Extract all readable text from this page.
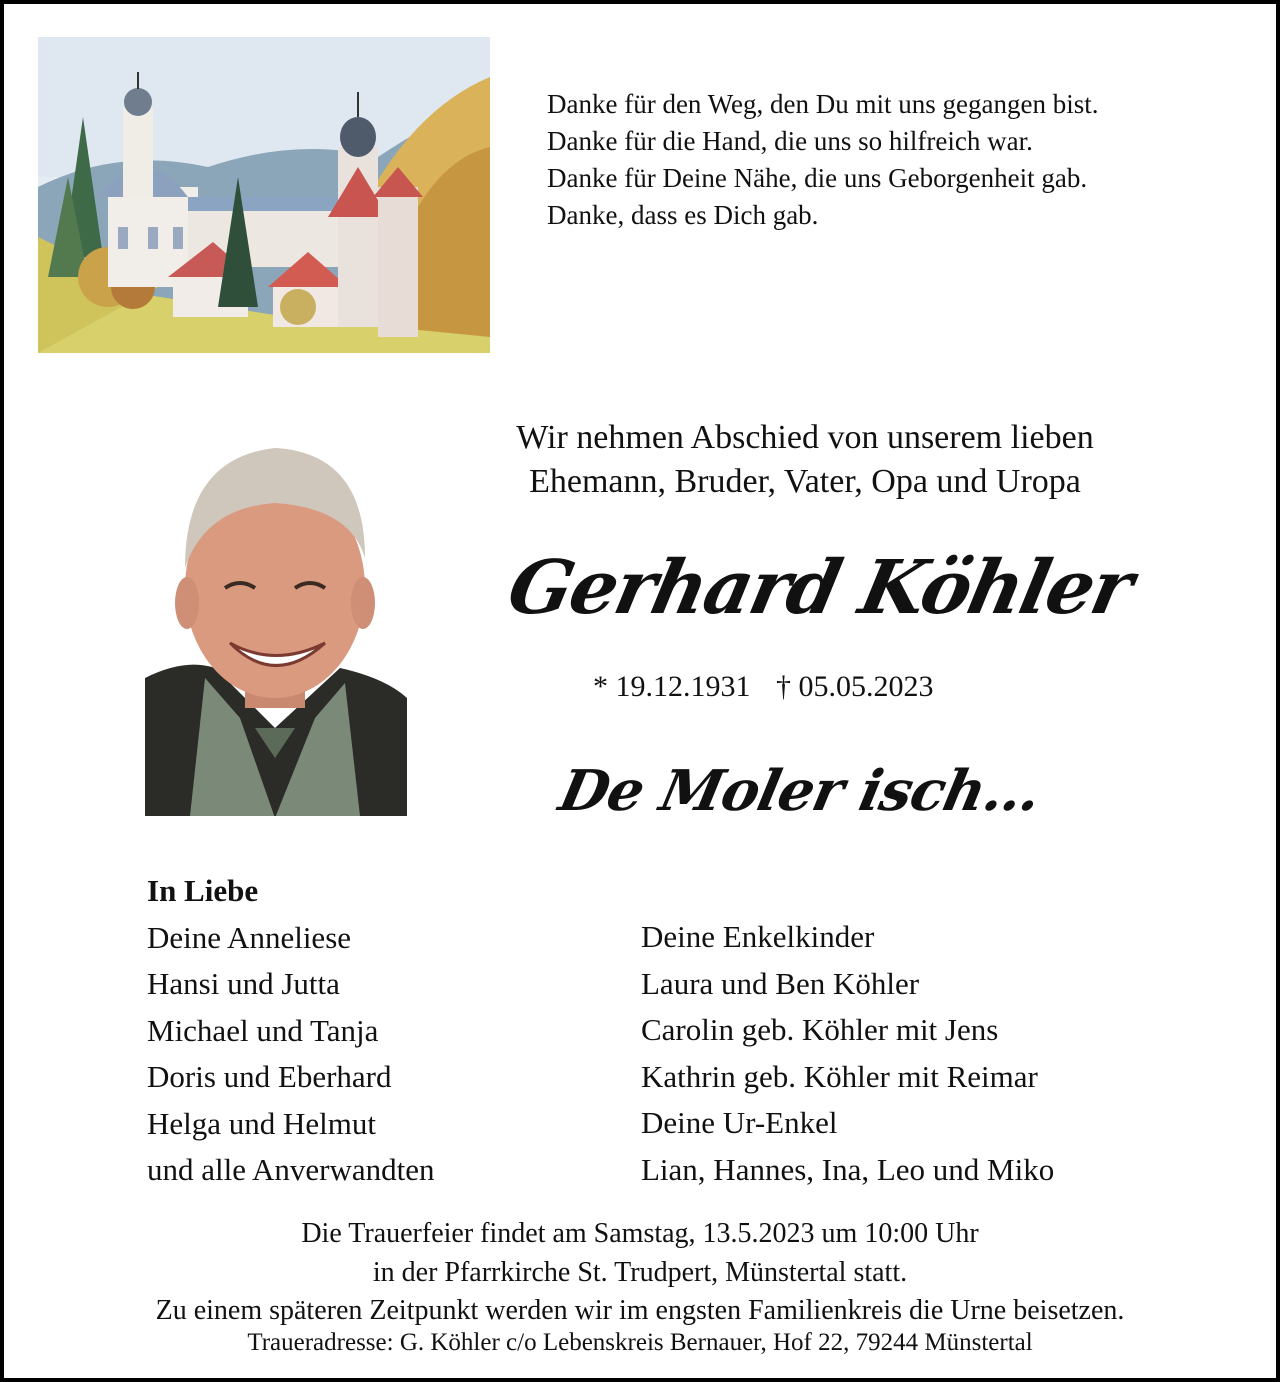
Danke für den Weg, den Du mit uns gegangen bist.
Danke für die Hand, die uns so hilfreich war.
Danke für Deine Nähe, die uns Geborgenheit gab.
Danke, dass es Dich gab.
Wir nehmen Abschied von unserem lieben
Ehemann, Bruder, Vater, Opa und Uropa
Gerhard Köhler
* 19.12.1931 † 05.05.2023
De Moler isch…
In Liebe
Deine Anneliese
Hansi und Jutta
Michael und Tanja
Doris und Eberhard
Helga und Helmut
und alle Anverwandten
Deine Enkelkinder
Laura und Ben Köhler
Carolin geb. Köhler mit Jens
Kathrin geb. Köhler mit Reimar
Deine Ur-Enkel
Lian, Hannes, Ina, Leo und Miko
Die Trauerfeier findet am Samstag, 13.5.2023 um 10:00 Uhr
in der Pfarrkirche St. Trudpert, Münstertal statt.
Zu einem späteren Zeitpunkt werden wir im engsten Familienkreis die Urne beisetzen.
Traueradresse: G. Köhler c/o Lebenskreis Bernauer, Hof 22, 79244 Münstertal
